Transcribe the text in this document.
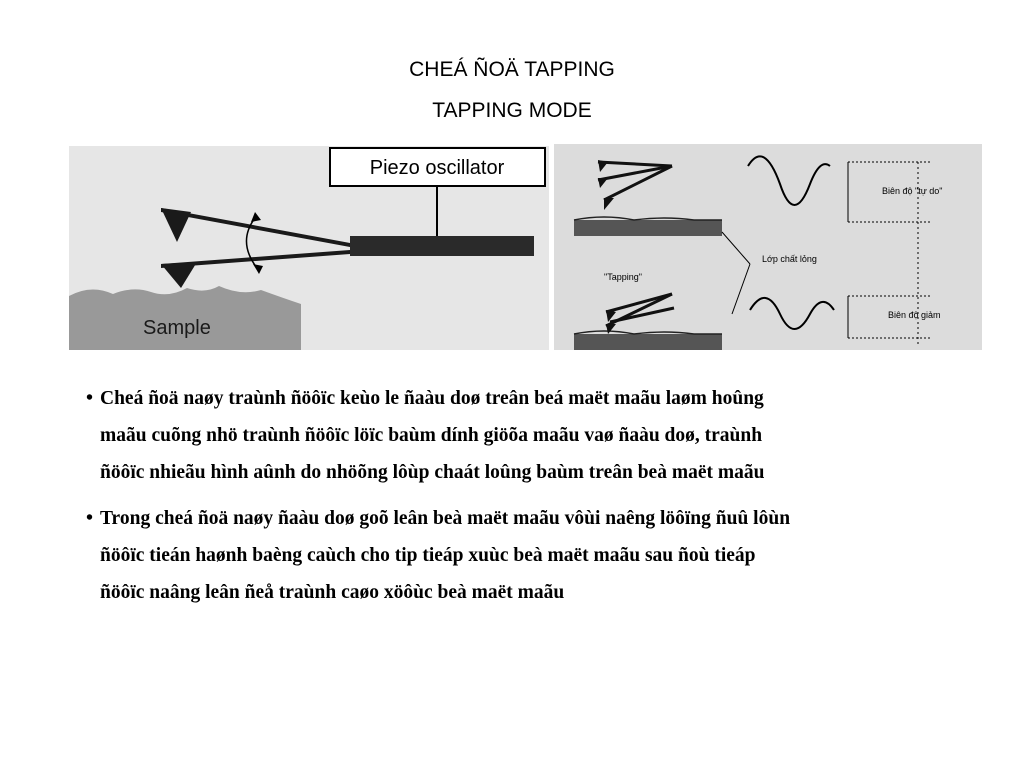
CHEÁ ÑOÄ TAPPING
TAPPING MODE
Piezo oscillator
Sample
Biên độ "tự do"
Lớp chất lỏng
"Tapping"
Biên độ giảm
• Cheá ñoä naøy traùnh ñöôïc keùo le ñaàu doø treân beá maët maãu laøm hoûng
maãu cuõng nhö traùnh ñöôïc löïc baùm dính giöõa maãu vaø ñaàu doø, traùnh
ñöôïc nhieãu hình aûnh do nhöõng lôùp chaát loûng baùm treân beà maët maãu
• Trong cheá ñoä naøy ñaàu doø goõ leân beà maët maãu vôùi naêng löôïng ñuû lôùn
ñöôïc tieán haønh baèng caùch cho tip tieáp xuùc beà maët maãu sau ñoù tieáp
ñöôïc naâng leân ñeå traùnh caøo xöôùc beà maët maãu
